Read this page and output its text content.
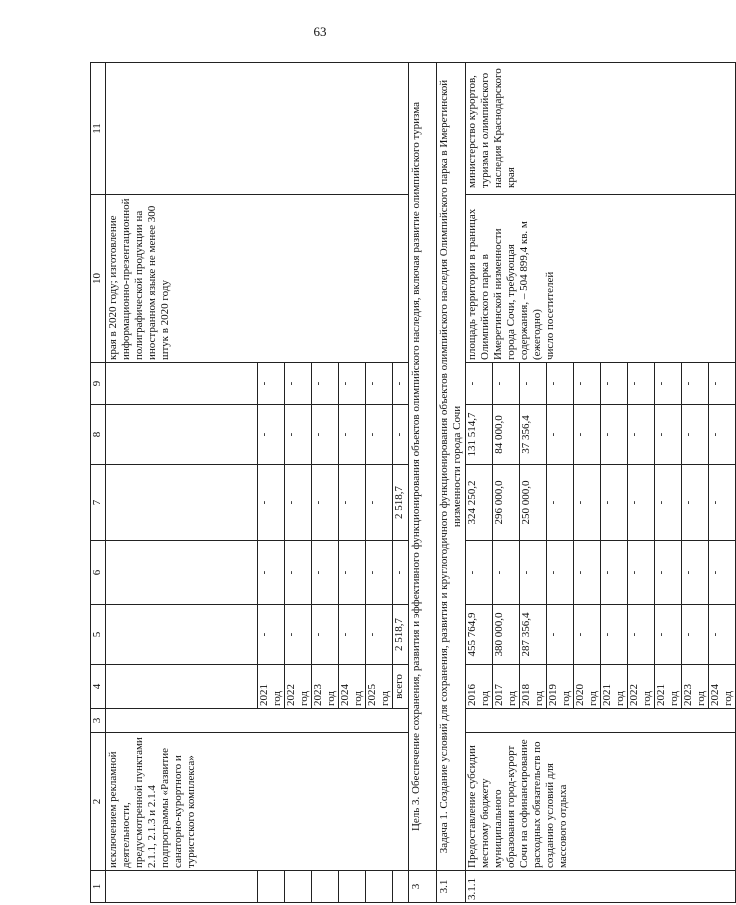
63
1	2	3	4	5	6	7	8	9	10	11
	исключением рекламной деятельности, предусмотренной пунктами 2.1.1, 2.1.3 и 2.1.4 подпрограммы «Развитие санаторно-курортного и туристского комплекса»								края в 2020 году; изготовление информационно-презентационной полиграфической продукции на иностранном языке не менее 300 штук в 2020 году	
			2021 год	-	-	-	-	-		
			2022 год	-	-	-	-	-		
			2023 год	-	-	-	-	-		
			2024 год	-	-	-	-	-		
			2025 год	-	-	-	-	-		
			всего	2 518,7	-	2 518,7	-	-		
3	Цель 3. Обеспечение сохранения, развития и эффективного функционирования объектов олимпийского наследия, включая развитие олимпийского туризма									
3.1	Задача 1. Создание условий для сохранения, развития и круглогодичного функционирования объектов олимпийского наследия Олимпийского парка в Имеретинской низменности города Сочи									
3.1.1	Предоставление субсидии местному бюджету муниципального образования город-курорт Сочи на софинансирование расходных обязательств по созданию условий для массового отдыха		2016 год	455 764,9	-	324 250,2	131 514,7	-	площадь территории в границах Олимпийского парка в Имеретинской низменности города Сочи, требующая содержания, – 504 899,4 кв. м (ежегодно) число посетителей	министерство курортов, туризма и олимпийского наследия Краснодарского края
			2017 год	380 000,0	-	296 000,0	84 000,0	-		
			2018 год	287 356,4	-	250 000,0	37 356,4	-		
			2019 год	-	-	-	-	-		
			2020 год	-	-	-	-	-		
			2021 год	-	-	-	-	-		
			2022 год	-	-	-	-	-		
			2021 год	-	-	-	-	-		
			2023 год	-	-	-	-	-		
			2024 год	-	-	-	-	-		
